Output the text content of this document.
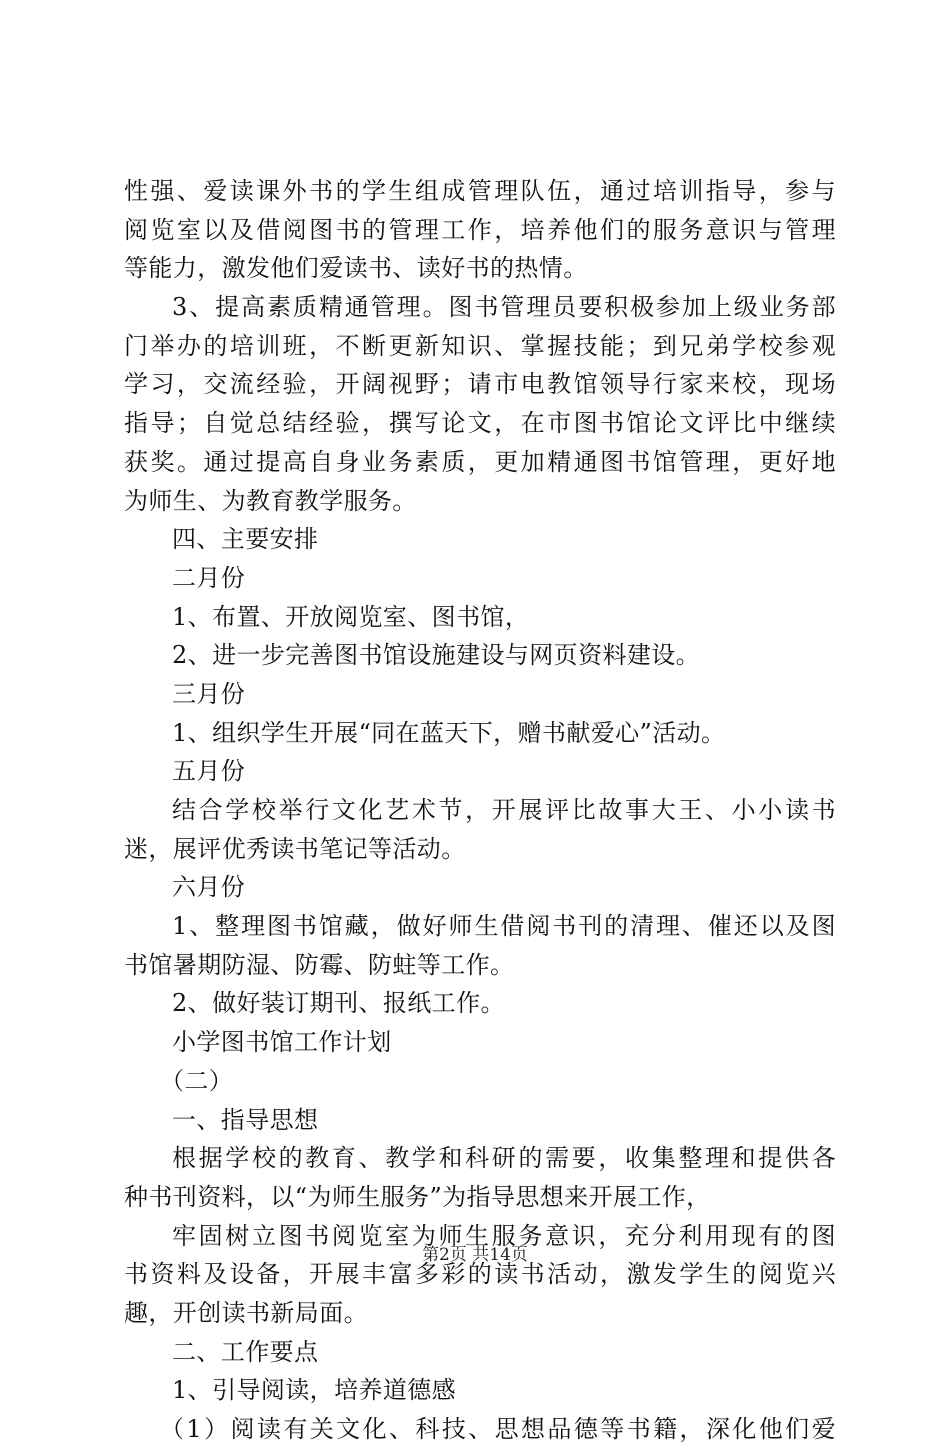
性强、爱读课外书的学生组成管理队伍，通过培训指导，参与
阅览室以及借阅图书的管理工作，培养他们的服务意识与管理
等能力，激发他们爱读书、读好书的热情。
3、提高素质精通管理。图书管理员要积极参加上级业务部
门举办的培训班，不断更新知识、掌握技能；到兄弟学校参观
学习，交流经验，开阔视野；请市电教馆领导行家来校，现场
指导；自觉总结经验，撰写论文，在市图书馆论文评比中继续
获奖。通过提高自身业务素质，更加精通图书馆管理，更好地
为师生、为教育教学服务。
四、主要安排
二月份
1、布置、开放阅览室、图书馆，
2、进一步完善图书馆设施建设与网页资料建设。
三月份
1、组织学生开展“同在蓝天下，赠书献爱心”活动。
五月份
结合学校举行文化艺术节，开展评比故事大王、小小读书
迷，展评优秀读书笔记等活动。
六月份
1、整理图书馆藏，做好师生借阅书刊的清理、催还以及图
书馆暑期防湿、防霉、防蛀等工作。
2、做好装订期刊、报纸工作。
小学图书馆工作计划
（二）
一、指导思想
根据学校的教育、教学和科研的需要，收集整理和提供各
种书刊资料，以“为师生服务”为指导思想来开展工作，
牢固树立图书阅览室为师生服务意识，充分利用现有的图
书资料及设备，开展丰富多彩的读书活动，激发学生的阅览兴
趣，开创读书新局面。
二、工作要点
1、引导阅读，培养道德感
（1）阅读有关文化、科技、思想品德等书籍，深化他们爱
第2页 共14页
